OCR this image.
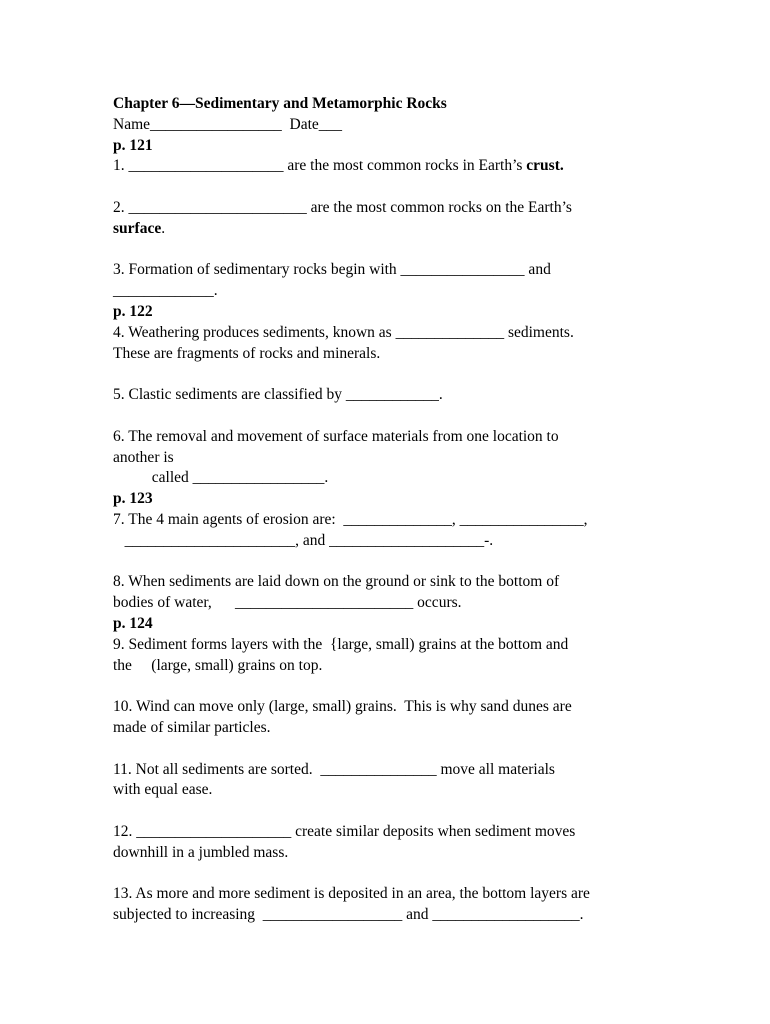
Chapter 6—Sedimentary and Metamorphic Rocks
Name_________________  Date___
p. 121
1. ____________________ are the most common rocks in Earth’s crust.
2. _______________________ are the most common rocks on the Earth’s
surface.
3. Formation of sedimentary rocks begin with ________________ and
_____________.
p. 122
4. Weathering produces sediments, known as ______________ sediments.
These are fragments of rocks and minerals.
5. Clastic sediments are classified by ____________.
6. The removal and movement of surface materials from one location to
another is
called _________________.
p. 123
7. The 4 main agents of erosion are:  ______________, ________________,
______________________, and ____________________-.
8. When sediments are laid down on the ground or sink to the bottom of
bodies of water,      _______________________ occurs.
p. 124
9. Sediment forms layers with the  {large, small) grains at the bottom and
the     (large, small) grains on top.
10. Wind can move only (large, small) grains.  This is why sand dunes are
made of similar particles.
11. Not all sediments are sorted.  _______________ move all materials
with equal ease.
12. ____________________ create similar deposits when sediment moves
downhill in a jumbled mass.
13. As more and more sediment is deposited in an area, the bottom layers are
subjected to increasing  __________________ and ___________________.
